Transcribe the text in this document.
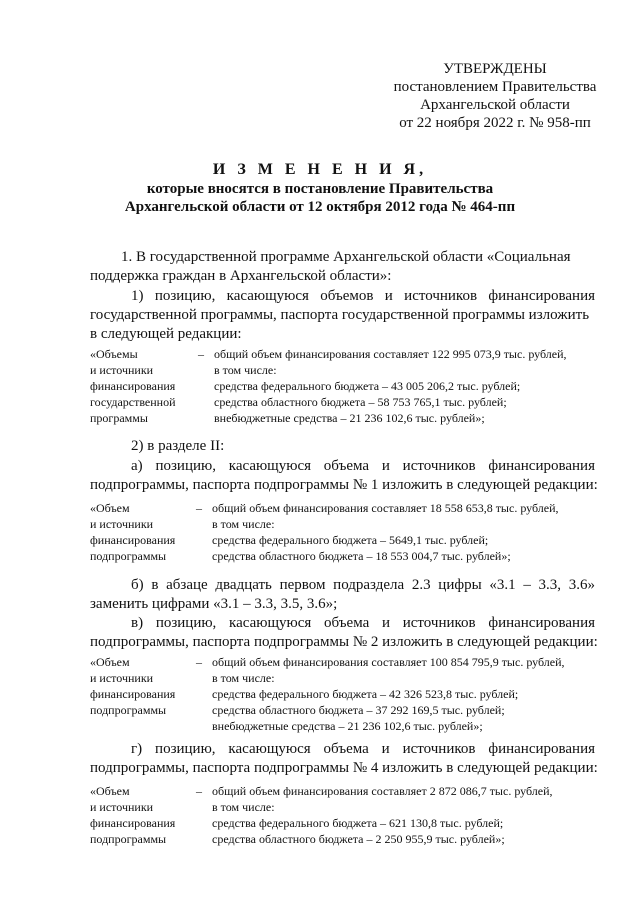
УТВЕРЖДЕНЫ
постановлением Правительства
Архангельской области
от 22 ноября 2022 г. № 958-пп
И З М Е Н Е Н И Я,
которые вносятся в постановление Правительства
Архангельской области от 12 октября 2012 года № 464-пп
1. В государственной программе Архангельской области «Социальная
поддержка граждан в Архангельской области»:
1) позицию, касающуюся объемов и источников финансирования
государственной программы, паспорта государственной программы изложить
в следующей редакции:
«Объемы
и источники
финансирования
государственной
программы
– общий объем финансирования составляет 122 995 073,9 тыс. рублей,
в том числе:
средства федерального бюджета – 43 005 206,2 тыс. рублей;
средства областного бюджета – 58 753 765,1 тыс. рублей;
внебюджетные средства – 21 236 102,6 тыс. рублей»;
2) в разделе II:
а) позицию, касающуюся объема и источников финансирования
подпрограммы, паспорта подпрограммы № 1 изложить в следующей редакции:
«Объем
и источники
финансирования
подпрограммы
– общий объем финансирования составляет 18 558 653,8 тыс. рублей,
в том числе:
средства федерального бюджета – 5649,1 тыс. рублей;
средства областного бюджета – 18 553 004,7 тыс. рублей»;
б) в абзаце двадцать первом подраздела 2.3 цифры «3.1 – 3.3, 3.6»
заменить цифрами «3.1 – 3.3, 3.5, 3.6»;
в) позицию, касающуюся объема и источников финансирования
подпрограммы, паспорта подпрограммы № 2 изложить в следующей редакции:
«Объем
и источники
финансирования
подпрограммы
– общий объем финансирования составляет 100 854 795,9 тыс. рублей,
в том числе:
средства федерального бюджета – 42 326 523,8 тыс. рублей;
средства областного бюджета – 37 292 169,5 тыс. рублей;
внебюджетные средства – 21 236 102,6 тыс. рублей»;
г) позицию, касающуюся объема и источников финансирования
подпрограммы, паспорта подпрограммы № 4 изложить в следующей редакции:
«Объем
и источники
финансирования
подпрограммы
– общий объем финансирования составляет 2 872 086,7 тыс. рублей,
в том числе:
средства федерального бюджета – 621 130,8 тыс. рублей;
средства областного бюджета – 2 250 955,9 тыс. рублей»;
